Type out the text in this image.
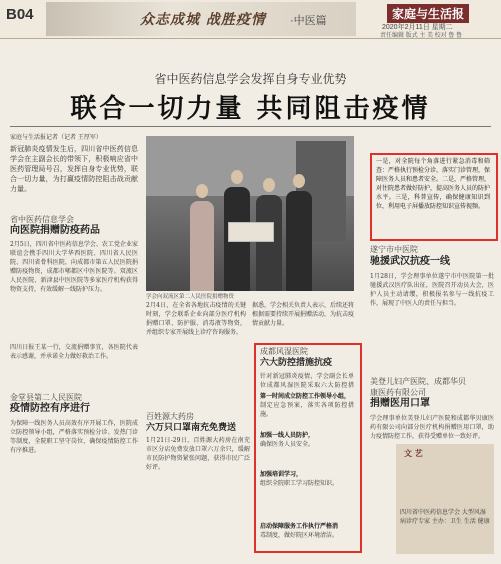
B04	众志成城 战胜疫情 ·中医篇	家庭与生活报
2020年2月11日 星期二
责任编辑 版式 主 美 校对 鲁 鲁
省中医药信息学会发挥自身专业优势
联合一切力量 共同阻击疫情
家庭与生活报记者（记者 王厚军）
新冠肺炎疫情发生后，四川省中医药信息学会在主副会长的带领下，积极响应省中医药管理局号召，发挥自身专业优势，联合一切力量，为打赢疫情防控阻击战贡献力量。
省中医药信息学会
向医院捐赠防疫药品
2月5日，四川省中医药信息学会、农工党企业家联谊会携手四川大学华西医院、四川省人民医院、四川省骨科医院，向成都市第五人民医院捐赠防疫物资，成都市郫都区中医医院等。双流区人民医院、新津县中医医院等多家医疗机构获得物资支持，有效缓解一线防护压力。
四川日报王某一行，交流捐赠事宜，各医院代表表示感谢，并承诺全力做好救治工作。
金堂县第二人民医院
疫情防控有序进行
为保障一线医务人员高效有序开展工作，医院成立防控领导小组，严格落实预检分诊、发热门诊等制度，全院职工坚守岗位，确保疫情防控工作有序推进。
学会向双流区第二人民医院捐赠物资
2月4日，在全省各地抗击疫情的关键时刻，学会联系企业向部分医疗机构捐赠口罩、防护服、消毒液等物资，并组织专家开展线上诊疗咨询服务。
据悉，学会相关负责人表示，后续还将根据需要持续开展捐赠活动，为抗击疫情贡献力量。
百姓源大药房
六万只口罩南充免费送
1月21日-29日，百姓源大药房在南充市区分店免费发放口罩六万余只，缓解市民防护物资紧张问题，获得市民广泛好评。
成都风湿医院
六大防控措施抗疫
针对新冠肺炎疫情，学会副会长单位成都风湿医院采取六大防控措
第一时间成立防控工作领导小组，
制定应急预案，落实各项防控措施。
加强一线人员防护，
确保医务人员安全。
加强培训学习，
组织全院职工学习防控知识。
启动保障服务工作执行严格消
毒制度，做好院区环境清洁。
一是，对全院每个角落进行紧急消毒和筛查：严格执行预检分诊，落实门诊管理，保障医务人员和患者安全。二是，严格管理，对住院患者做好防护，提高医务人员的防护水平。三是，科普宣传，确保健康知识到位，利用电子屏播放防控知识宣传视频。
遂宁市中医院
驰援武汉抗疫一线
1月28日，学会理事单位遂宁市中医院第一批驰援武汉医疗队出征，医院召开动员大会，医护人员主动请缨，积极报名参与一线抗疫工作，展现了中医人的责任与担当。
美登儿妇产医院、成都华贝
康医药有限公司
捐赠医用口罩
学会理事单位美登儿妇产医院和成都华贝康医药有限公司向部分医疗机构捐赠医用口罩，助力疫情防控工作，获得受赠单位一致好评。
文 艺
四川省中医药信息学会 大型风湿病诊疗专家 主办：卫生 生活 健康
